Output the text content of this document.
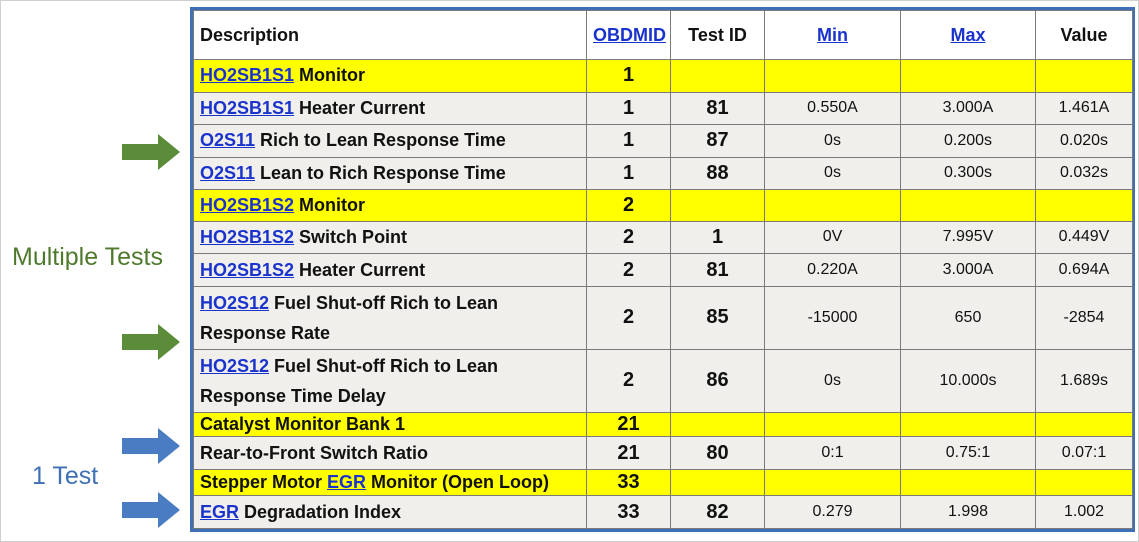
Multiple Tests
1 Test
Description	OBDMID	Test ID	Min	Max	Value
HO2SB1S1 Monitor	1				
HO2SB1S1 Heater Current	1	81	0.550A	3.000A	1.461A
O2S11 Rich to Lean Response Time	1	87	0s	0.200s	0.020s
O2S11 Lean to Rich Response Time	1	88	0s	0.300s	0.032s
HO2SB1S2 Monitor	2				
HO2SB1S2 Switch Point	2	1	0V	7.995V	0.449V
HO2SB1S2 Heater Current	2	81	0.220A	3.000A	0.694A
HO2S12 Fuel Shut-off Rich to Lean Response Rate	2	85	-15000	650	-2854
HO2S12 Fuel Shut-off Rich to Lean Response Time Delay	2	86	0s	10.000s	1.689s
Catalyst Monitor Bank 1	21				
Rear-to-Front Switch Ratio	21	80	0:1	0.75:1	0.07:1
Stepper Motor EGR Monitor (Open Loop)	33				
EGR Degradation Index	33	82	0.279	1.998	1.002
